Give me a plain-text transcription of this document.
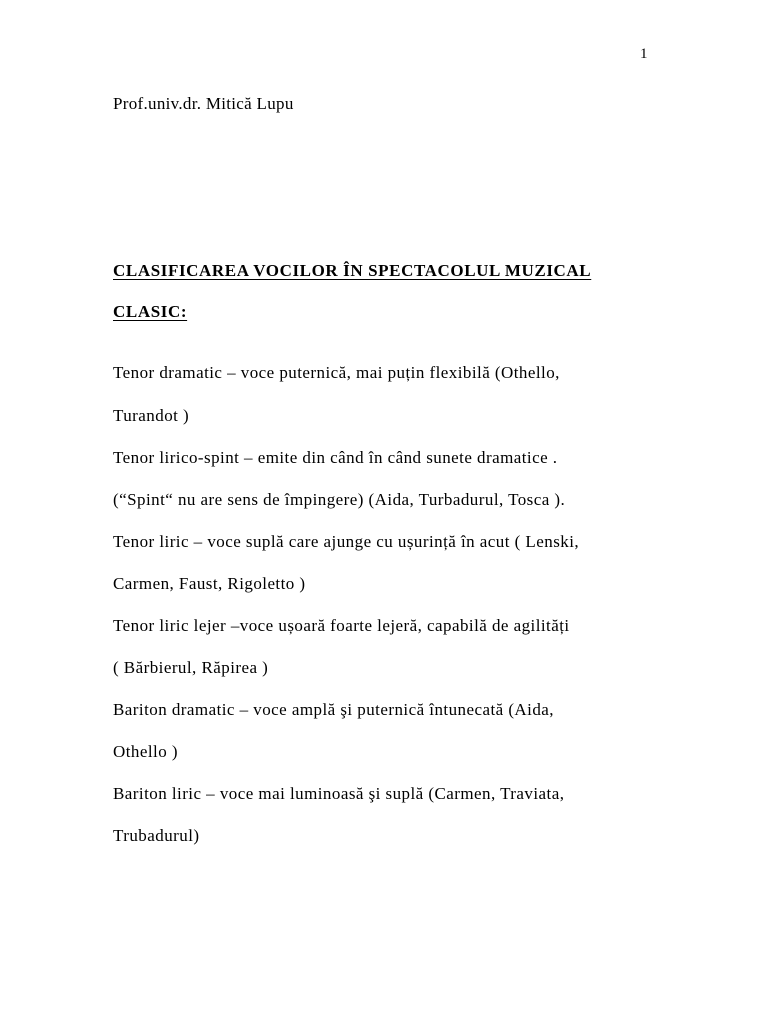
1
Prof.univ.dr. Mitică Lupu
CLASIFICAREA VOCILOR ÎN SPECTACOLUL MUZICAL
CLASIC:
Tenor dramatic – voce puternică, mai puțin flexibilă (Othello,
Turandot )
Tenor lirico-spint – emite din când în când sunete dramatice .
(“Spint“ nu are sens de împingere) (Aida, Turbadurul, Tosca ).
Tenor liric – voce suplă care ajunge cu ușurință în acut ( Lenski,
Carmen, Faust, Rigoletto )
Tenor liric lejer –voce ușoară foarte lejeră, capabilă de agilități
( Bărbierul, Răpirea )
Bariton dramatic – voce amplă şi puternică întunecată (Aida,
Othello )
Bariton liric – voce mai luminoasă şi suplă (Carmen, Traviata,
Trubadurul)
